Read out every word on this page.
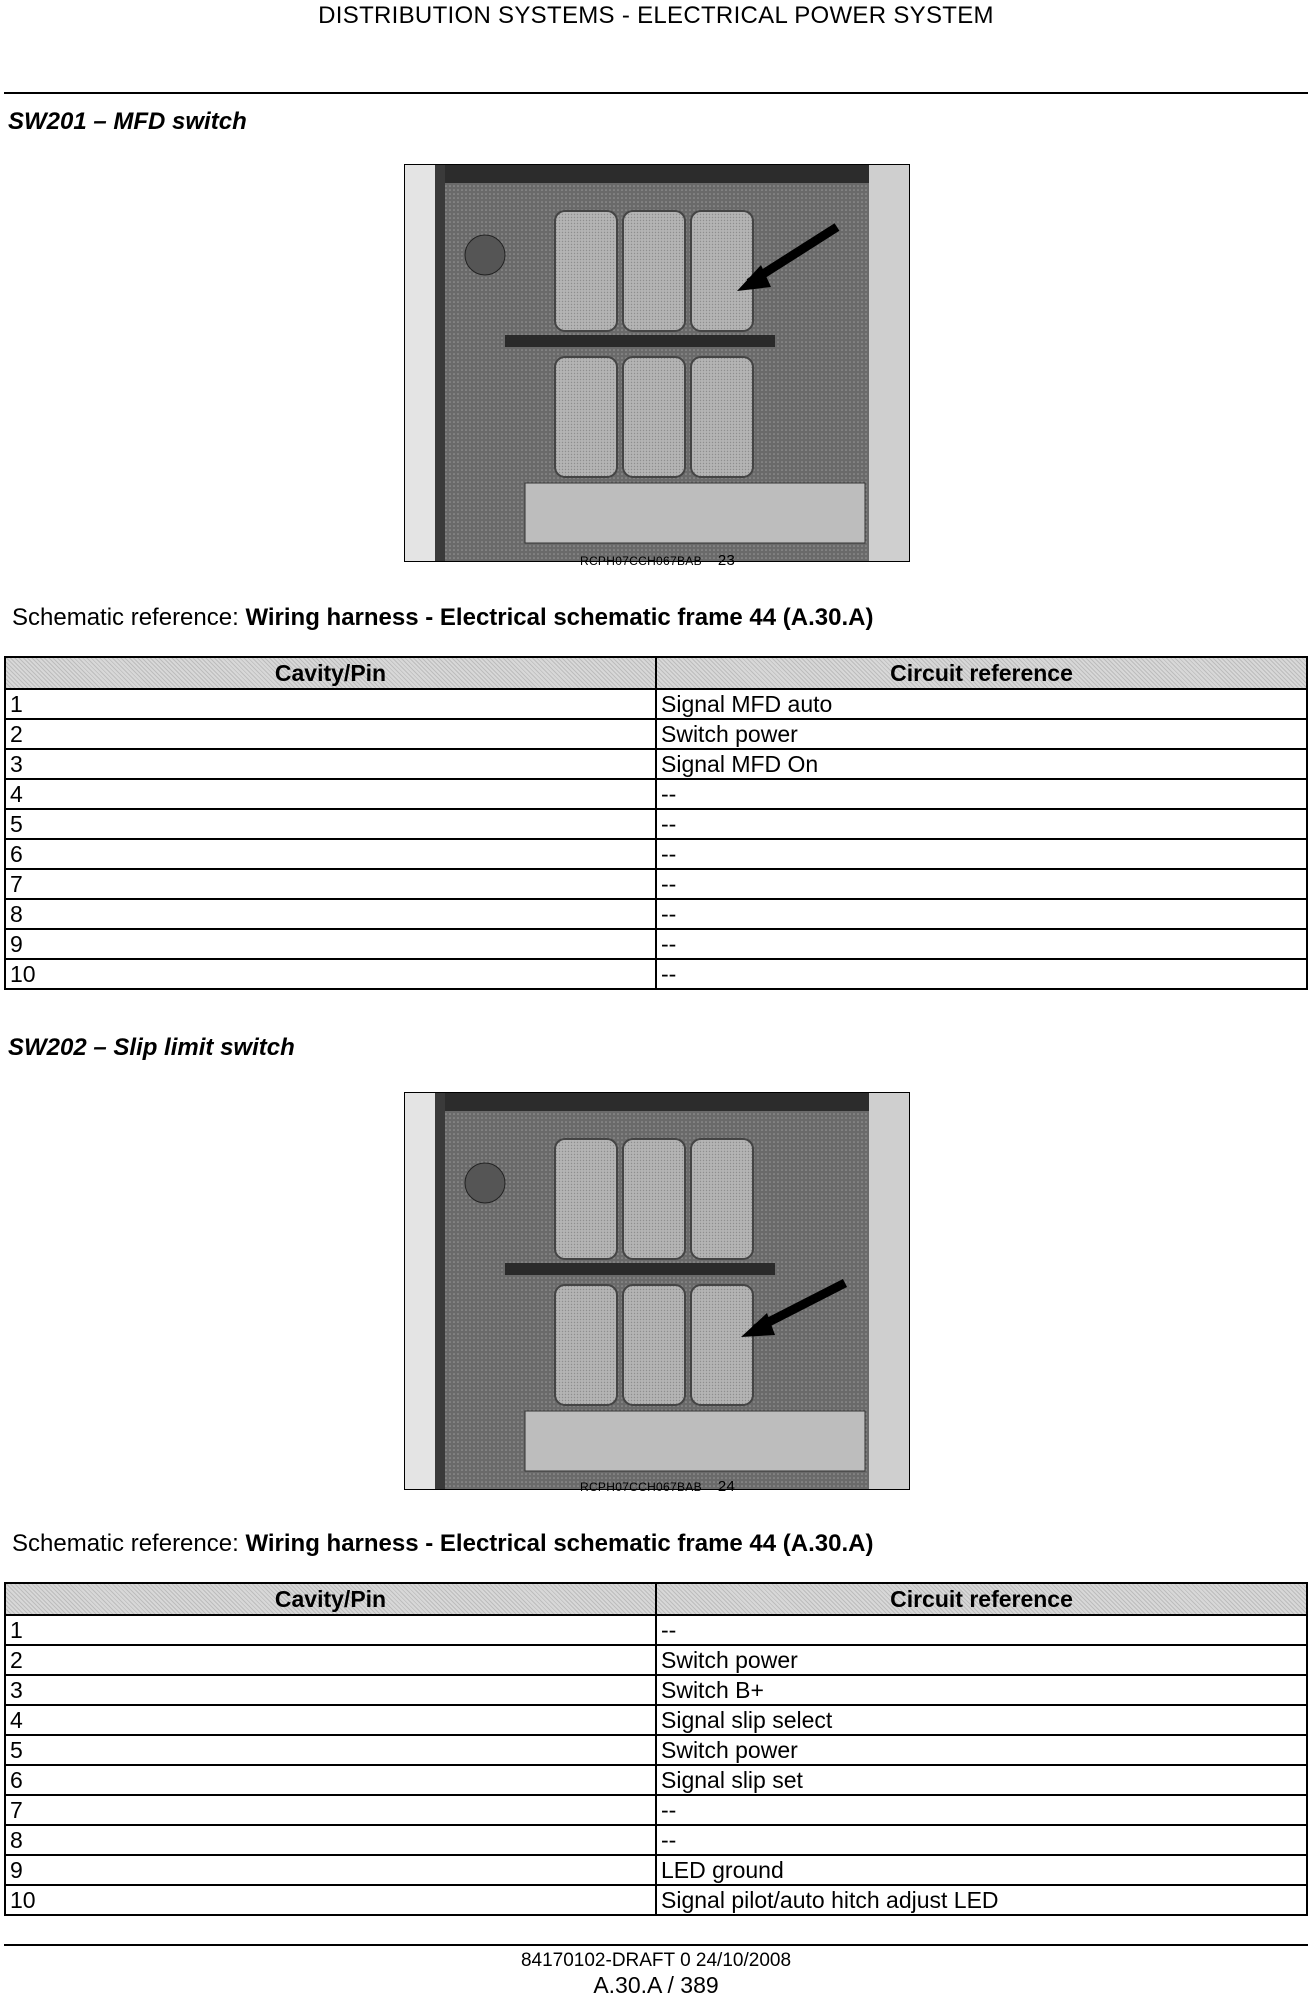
DISTRIBUTION SYSTEMS - ELECTRICAL POWER SYSTEM
SW201 – MFD switch
RCPH07CCH067BAB 23
Schematic reference: Wiring harness - Electrical schematic frame 44 (A.30.A)
Cavity/Pin	Circuit reference
1	Signal MFD auto
2	Switch power
3	Signal MFD On
4	--
5	--
6	--
7	--
8	--
9	--
10	--
SW202 – Slip limit switch
RCPH07CCH067BAB 24
Schematic reference: Wiring harness - Electrical schematic frame 44 (A.30.A)
Cavity/Pin	Circuit reference
1	--
2	Switch power
3	Switch B+
4	Signal slip select
5	Switch power
6	Signal slip set
7	--
8	--
9	LED ground
10	Signal pilot/auto hitch adjust LED
84170102-DRAFT 0 24/10/2008
A.30.A / 389
